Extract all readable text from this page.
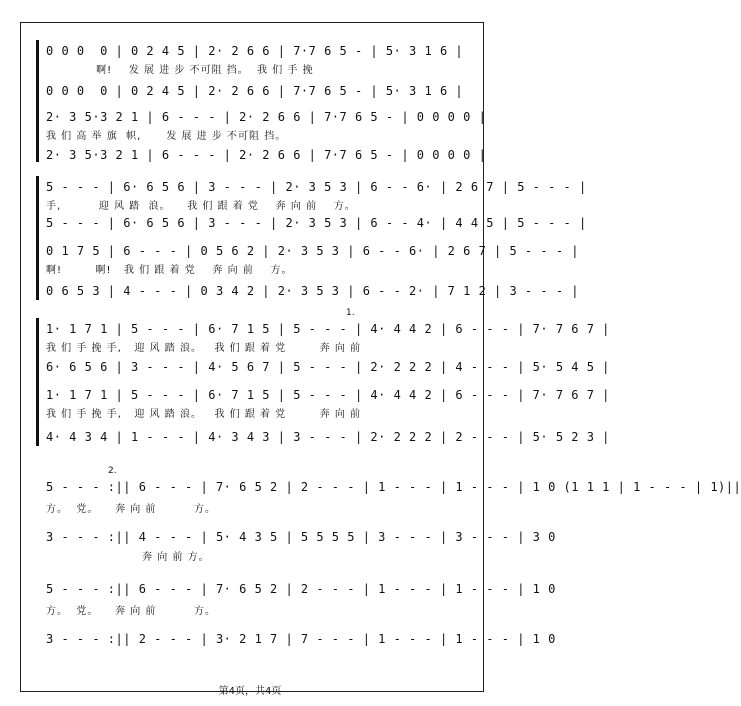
0 0 0  0 | 0 2 4 5 | 2· 2 6 6 | 7·7 6 5 - | 5· 3 1 6 |
啊!    发 展 进 步 不可阻 挡。  我 们 手 挽
0 0 0  0 | 0 2 4 5 | 2· 2 6 6 | 7·7 6 5 - | 5· 3 1 6 |
2· 3 5·3 2 1 | 6 - - - | 2· 2 6 6 | 7·7 6 5 - | 0 0 0 0 |
我 们 高 举 旗  帜,      发 展 进 步 不可阻 挡。
2· 3 5·3 2 1 | 6 - - - | 2· 2 6 6 | 7·7 6 5 - | 0 0 0 0 |
5 - - - | 6· 6 5 6 | 3 - - - | 2· 3 5 3 | 6 - - 6· | 2 6 7 | 5 - - - |
手,         迎 风 踏  浪。    我 们 跟 着 党    奔 向 前    方。
5 - - - | 6· 6 5 6 | 3 - - - | 2· 3 5 3 | 6 - - 4· | 4 4 5 | 5 - - - |
0 1 7 5 | 6 - - - | 0 5 6 2 | 2· 3 5 3 | 6 - - 6· | 2 6 7 | 5 - - - |
啊!        啊!   我 们 跟 着 党    奔 向 前    方。
0 6 5 3 | 4 - - - | 0 3 4 2 | 2· 3 5 3 | 6 - - 2· | 7 1 2 | 3 - - - |
1.
1· 1 7 1 | 5 - - - | 6· 7 1 5 | 5 - - - | 4· 4 4 2 | 6 - - - | 7· 7 6 7 |
我 们 手 挽 手,   迎 风 踏 浪。   我 们 跟 着 党        奔 向 前
6· 6 5 6 | 3 - - - | 4· 5 6 7 | 5 - - - | 2· 2 2 2 | 4 - - - | 5· 5 4 5 |
1· 1 7 1 | 5 - - - | 6· 7 1 5 | 5 - - - | 4· 4 4 2 | 6 - - - | 7· 7 6 7 |
我 们 手 挽 手,   迎 风 踏 浪。   我 们 跟 着 党        奔 向 前
4· 4 3 4 | 1 - - - | 4· 3 4 3 | 3 - - - | 2· 2 2 2 | 2 - - - | 5· 5 2 3 |
2.
5 - - - :|| 6 - - - | 7· 6 5 2 | 2 - - - | 1 - - - | 1 - - - | 1 0 (1 1 1 | 1 - - - | 1)||
方。  党。    奔 向 前         方。
3 - - - :|| 4 - - - | 5· 4 3 5 | 5 5 5 5 | 3 - - - | 3 - - - | 3 0
奔 向 前 方。
5 - - - :|| 6 - - - | 7· 6 5 2 | 2 - - - | 1 - - - | 1 - - - | 1 0
方。  党。    奔 向 前         方。
3 - - - :|| 2 - - - | 3· 2 1 7 | 7 - - - | 1 - - - | 1 - - - | 1 0
第4页，共4页
